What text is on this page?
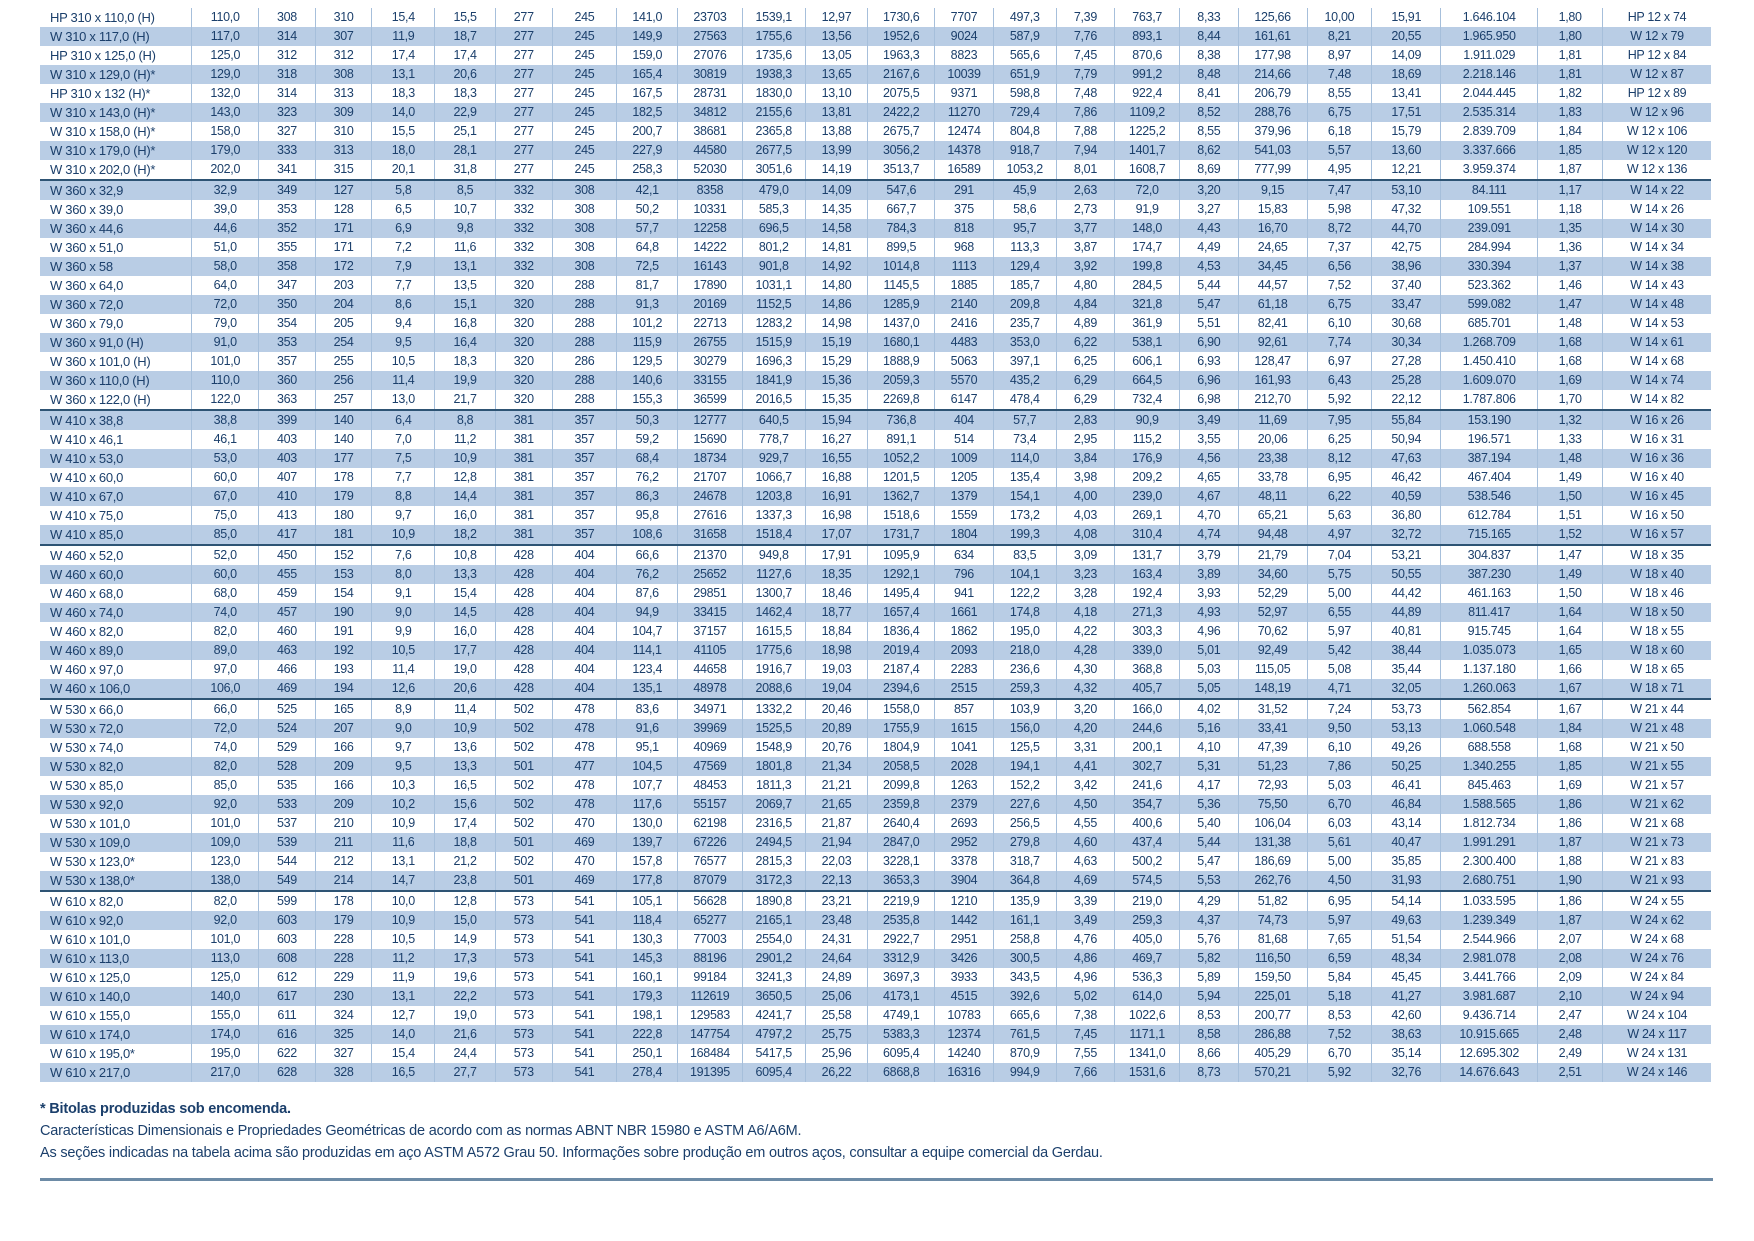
HP 310 x 110,0 (H)	110,0	308	310	15,4	15,5	277	245	141,0	23703	1539,1	12,97	1730,6	7707	497,3	7,39	763,7	8,33	125,66	10,00	15,91	1.646.104	1,80	HP 12 x 74
W 310 x 117,0 (H)	117,0	314	307	11,9	18,7	277	245	149,9	27563	1755,6	13,56	1952,6	9024	587,9	7,76	893,1	8,44	161,61	8,21	20,55	1.965.950	1,80	W 12 x 79
HP 310 x 125,0 (H)	125,0	312	312	17,4	17,4	277	245	159,0	27076	1735,6	13,05	1963,3	8823	565,6	7,45	870,6	8,38	177,98	8,97	14,09	1.911.029	1,81	HP 12 x 84
W 310 x 129,0 (H)*	129,0	318	308	13,1	20,6	277	245	165,4	30819	1938,3	13,65	2167,6	10039	651,9	7,79	991,2	8,48	214,66	7,48	18,69	2.218.146	1,81	W 12 x 87
HP 310 x 132 (H)*	132,0	314	313	18,3	18,3	277	245	167,5	28731	1830,0	13,10	2075,5	9371	598,8	7,48	922,4	8,41	206,79	8,55	13,41	2.044.445	1,82	HP 12 x 89
W 310 x 143,0 (H)*	143,0	323	309	14,0	22,9	277	245	182,5	34812	2155,6	13,81	2422,2	11270	729,4	7,86	1109,2	8,52	288,76	6,75	17,51	2.535.314	1,83	W 12 x 96
W 310 x 158,0 (H)*	158,0	327	310	15,5	25,1	277	245	200,7	38681	2365,8	13,88	2675,7	12474	804,8	7,88	1225,2	8,55	379,96	6,18	15,79	2.839.709	1,84	W 12 x 106
W 310 x 179,0 (H)*	179,0	333	313	18,0	28,1	277	245	227,9	44580	2677,5	13,99	3056,2	14378	918,7	7,94	1401,7	8,62	541,03	5,57	13,60	3.337.666	1,85	W 12 x 120
W 310 x 202,0 (H)*	202,0	341	315	20,1	31,8	277	245	258,3	52030	3051,6	14,19	3513,7	16589	1053,2	8,01	1608,7	8,69	777,99	4,95	12,21	3.959.374	1,87	W 12 x 136
W 360 x 32,9	32,9	349	127	5,8	8,5	332	308	42,1	8358	479,0	14,09	547,6	291	45,9	2,63	72,0	3,20	9,15	7,47	53,10	84.111	1,17	W 14 x 22
W 360 x 39,0	39,0	353	128	6,5	10,7	332	308	50,2	10331	585,3	14,35	667,7	375	58,6	2,73	91,9	3,27	15,83	5,98	47,32	109.551	1,18	W 14 x 26
W 360 x 44,6	44,6	352	171	6,9	9,8	332	308	57,7	12258	696,5	14,58	784,3	818	95,7	3,77	148,0	4,43	16,70	8,72	44,70	239.091	1,35	W 14 x 30
W 360 x 51,0	51,0	355	171	7,2	11,6	332	308	64,8	14222	801,2	14,81	899,5	968	113,3	3,87	174,7	4,49	24,65	7,37	42,75	284.994	1,36	W 14 x 34
W 360 x 58	58,0	358	172	7,9	13,1	332	308	72,5	16143	901,8	14,92	1014,8	1113	129,4	3,92	199,8	4,53	34,45	6,56	38,96	330.394	1,37	W 14 x 38
W 360 x 64,0	64,0	347	203	7,7	13,5	320	288	81,7	17890	1031,1	14,80	1145,5	1885	185,7	4,80	284,5	5,44	44,57	7,52	37,40	523.362	1,46	W 14 x 43
W 360 x 72,0	72,0	350	204	8,6	15,1	320	288	91,3	20169	1152,5	14,86	1285,9	2140	209,8	4,84	321,8	5,47	61,18	6,75	33,47	599.082	1,47	W 14 x 48
W 360 x 79,0	79,0	354	205	9,4	16,8	320	288	101,2	22713	1283,2	14,98	1437,0	2416	235,7	4,89	361,9	5,51	82,41	6,10	30,68	685.701	1,48	W 14 x 53
W 360 x 91,0 (H)	91,0	353	254	9,5	16,4	320	288	115,9	26755	1515,9	15,19	1680,1	4483	353,0	6,22	538,1	6,90	92,61	7,74	30,34	1.268.709	1,68	W 14 x 61
W 360 x 101,0 (H)	101,0	357	255	10,5	18,3	320	286	129,5	30279	1696,3	15,29	1888,9	5063	397,1	6,25	606,1	6,93	128,47	6,97	27,28	1.450.410	1,68	W 14 x 68
W 360 x 110,0 (H)	110,0	360	256	11,4	19,9	320	288	140,6	33155	1841,9	15,36	2059,3	5570	435,2	6,29	664,5	6,96	161,93	6,43	25,28	1.609.070	1,69	W 14 x 74
W 360 x 122,0 (H)	122,0	363	257	13,0	21,7	320	288	155,3	36599	2016,5	15,35	2269,8	6147	478,4	6,29	732,4	6,98	212,70	5,92	22,12	1.787.806	1,70	W 14 x 82
W 410 x 38,8	38,8	399	140	6,4	8,8	381	357	50,3	12777	640,5	15,94	736,8	404	57,7	2,83	90,9	3,49	11,69	7,95	55,84	153.190	1,32	W 16 x 26
W 410 x 46,1	46,1	403	140	7,0	11,2	381	357	59,2	15690	778,7	16,27	891,1	514	73,4	2,95	115,2	3,55	20,06	6,25	50,94	196.571	1,33	W 16 x 31
W 410 x 53,0	53,0	403	177	7,5	10,9	381	357	68,4	18734	929,7	16,55	1052,2	1009	114,0	3,84	176,9	4,56	23,38	8,12	47,63	387.194	1,48	W 16 x 36
W 410 x 60,0	60,0	407	178	7,7	12,8	381	357	76,2	21707	1066,7	16,88	1201,5	1205	135,4	3,98	209,2	4,65	33,78	6,95	46,42	467.404	1,49	W 16 x 40
W 410 x 67,0	67,0	410	179	8,8	14,4	381	357	86,3	24678	1203,8	16,91	1362,7	1379	154,1	4,00	239,0	4,67	48,11	6,22	40,59	538.546	1,50	W 16 x 45
W 410 x 75,0	75,0	413	180	9,7	16,0	381	357	95,8	27616	1337,3	16,98	1518,6	1559	173,2	4,03	269,1	4,70	65,21	5,63	36,80	612.784	1,51	W 16 x 50
W 410 x 85,0	85,0	417	181	10,9	18,2	381	357	108,6	31658	1518,4	17,07	1731,7	1804	199,3	4,08	310,4	4,74	94,48	4,97	32,72	715.165	1,52	W 16 x 57
W 460 x 52,0	52,0	450	152	7,6	10,8	428	404	66,6	21370	949,8	17,91	1095,9	634	83,5	3,09	131,7	3,79	21,79	7,04	53,21	304.837	1,47	W 18 x 35
W 460 x 60,0	60,0	455	153	8,0	13,3	428	404	76,2	25652	1127,6	18,35	1292,1	796	104,1	3,23	163,4	3,89	34,60	5,75	50,55	387.230	1,49	W 18 x 40
W 460 x 68,0	68,0	459	154	9,1	15,4	428	404	87,6	29851	1300,7	18,46	1495,4	941	122,2	3,28	192,4	3,93	52,29	5,00	44,42	461.163	1,50	W 18 x 46
W 460 x 74,0	74,0	457	190	9,0	14,5	428	404	94,9	33415	1462,4	18,77	1657,4	1661	174,8	4,18	271,3	4,93	52,97	6,55	44,89	811.417	1,64	W 18 x 50
W 460 x 82,0	82,0	460	191	9,9	16,0	428	404	104,7	37157	1615,5	18,84	1836,4	1862	195,0	4,22	303,3	4,96	70,62	5,97	40,81	915.745	1,64	W 18 x 55
W 460 x 89,0	89,0	463	192	10,5	17,7	428	404	114,1	41105	1775,6	18,98	2019,4	2093	218,0	4,28	339,0	5,01	92,49	5,42	38,44	1.035.073	1,65	W 18 x 60
W 460 x 97,0	97,0	466	193	11,4	19,0	428	404	123,4	44658	1916,7	19,03	2187,4	2283	236,6	4,30	368,8	5,03	115,05	5,08	35,44	1.137.180	1,66	W 18 x 65
W 460 x 106,0	106,0	469	194	12,6	20,6	428	404	135,1	48978	2088,6	19,04	2394,6	2515	259,3	4,32	405,7	5,05	148,19	4,71	32,05	1.260.063	1,67	W 18 x 71
W 530 x 66,0	66,0	525	165	8,9	11,4	502	478	83,6	34971	1332,2	20,46	1558,0	857	103,9	3,20	166,0	4,02	31,52	7,24	53,73	562.854	1,67	W 21 x 44
W 530 x 72,0	72,0	524	207	9,0	10,9	502	478	91,6	39969	1525,5	20,89	1755,9	1615	156,0	4,20	244,6	5,16	33,41	9,50	53,13	1.060.548	1,84	W 21 x 48
W 530 x 74,0	74,0	529	166	9,7	13,6	502	478	95,1	40969	1548,9	20,76	1804,9	1041	125,5	3,31	200,1	4,10	47,39	6,10	49,26	688.558	1,68	W 21 x 50
W 530 x 82,0	82,0	528	209	9,5	13,3	501	477	104,5	47569	1801,8	21,34	2058,5	2028	194,1	4,41	302,7	5,31	51,23	7,86	50,25	1.340.255	1,85	W 21 x 55
W 530 x 85,0	85,0	535	166	10,3	16,5	502	478	107,7	48453	1811,3	21,21	2099,8	1263	152,2	3,42	241,6	4,17	72,93	5,03	46,41	845.463	1,69	W 21 x 57
W 530 x 92,0	92,0	533	209	10,2	15,6	502	478	117,6	55157	2069,7	21,65	2359,8	2379	227,6	4,50	354,7	5,36	75,50	6,70	46,84	1.588.565	1,86	W 21 x 62
W 530 x 101,0	101,0	537	210	10,9	17,4	502	470	130,0	62198	2316,5	21,87	2640,4	2693	256,5	4,55	400,6	5,40	106,04	6,03	43,14	1.812.734	1,86	W 21 x 68
W 530 x 109,0	109,0	539	211	11,6	18,8	501	469	139,7	67226	2494,5	21,94	2847,0	2952	279,8	4,60	437,4	5,44	131,38	5,61	40,47	1.991.291	1,87	W 21 x 73
W 530 x 123,0*	123,0	544	212	13,1	21,2	502	470	157,8	76577	2815,3	22,03	3228,1	3378	318,7	4,63	500,2	5,47	186,69	5,00	35,85	2.300.400	1,88	W 21 x 83
W 530 x 138,0*	138,0	549	214	14,7	23,8	501	469	177,8	87079	3172,3	22,13	3653,3	3904	364,8	4,69	574,5	5,53	262,76	4,50	31,93	2.680.751	1,90	W 21 x 93
W 610 x 82,0	82,0	599	178	10,0	12,8	573	541	105,1	56628	1890,8	23,21	2219,9	1210	135,9	3,39	219,0	4,29	51,82	6,95	54,14	1.033.595	1,86	W 24 x 55
W 610 x 92,0	92,0	603	179	10,9	15,0	573	541	118,4	65277	2165,1	23,48	2535,8	1442	161,1	3,49	259,3	4,37	74,73	5,97	49,63	1.239.349	1,87	W 24 x 62
W 610 x 101,0	101,0	603	228	10,5	14,9	573	541	130,3	77003	2554,0	24,31	2922,7	2951	258,8	4,76	405,0	5,76	81,68	7,65	51,54	2.544.966	2,07	W 24 x 68
W 610 x 113,0	113,0	608	228	11,2	17,3	573	541	145,3	88196	2901,2	24,64	3312,9	3426	300,5	4,86	469,7	5,82	116,50	6,59	48,34	2.981.078	2,08	W 24 x 76
W 610 x 125,0	125,0	612	229	11,9	19,6	573	541	160,1	99184	3241,3	24,89	3697,3	3933	343,5	4,96	536,3	5,89	159,50	5,84	45,45	3.441.766	2,09	W 24 x 84
W 610 x 140,0	140,0	617	230	13,1	22,2	573	541	179,3	112619	3650,5	25,06	4173,1	4515	392,6	5,02	614,0	5,94	225,01	5,18	41,27	3.981.687	2,10	W 24 x 94
W 610 x 155,0	155,0	611	324	12,7	19,0	573	541	198,1	129583	4241,7	25,58	4749,1	10783	665,6	7,38	1022,6	8,53	200,77	8,53	42,60	9.436.714	2,47	W 24 x 104
W 610 x 174,0	174,0	616	325	14,0	21,6	573	541	222,8	147754	4797,2	25,75	5383,3	12374	761,5	7,45	1171,1	8,58	286,88	7,52	38,63	10.915.665	2,48	W 24 x 117
W 610 x 195,0*	195,0	622	327	15,4	24,4	573	541	250,1	168484	5417,5	25,96	6095,4	14240	870,9	7,55	1341,0	8,66	405,29	6,70	35,14	12.695.302	2,49	W 24 x 131
W 610 x 217,0	217,0	628	328	16,5	27,7	573	541	278,4	191395	6095,4	26,22	6868,8	16316	994,9	7,66	1531,6	8,73	570,21	5,92	32,76	14.676.643	2,51	W 24 x 146
* Bitolas produzidas sob encomenda.
Características Dimensionais e Propriedades Geométricas de acordo com as normas ABNT NBR 15980 e ASTM A6/A6M.
As seções indicadas na tabela acima são produzidas em aço ASTM A572 Grau 50. Informações sobre produção em outros aços, consultar a equipe comercial da Gerdau.
